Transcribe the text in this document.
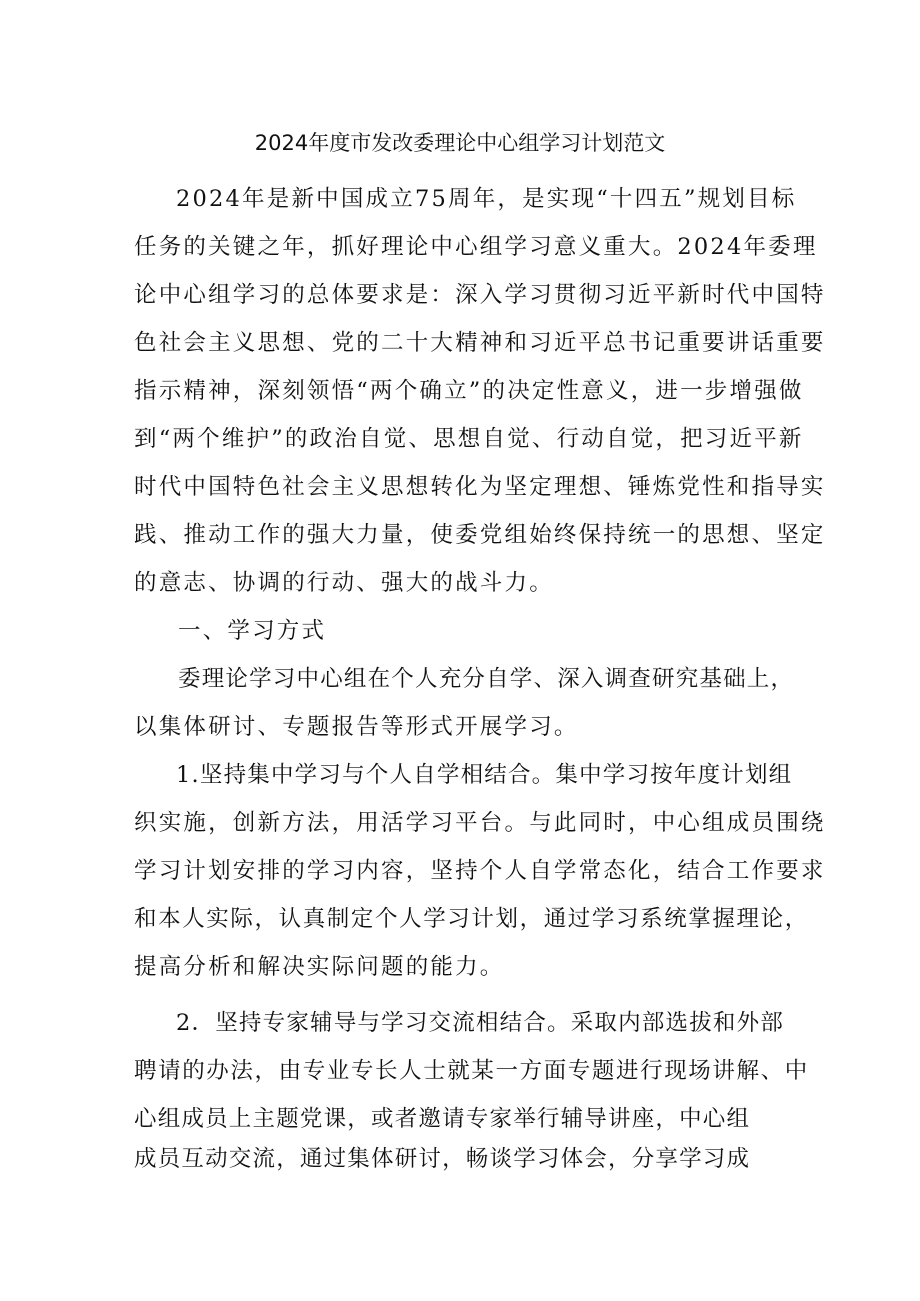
2024年度市发改委理论中心组学习计划范文
2024年是新中国成立75周年，是实现“十四五”规划目标
任务的关键之年，抓好理论中心组学习意义重大。2024年委理
论中心组学习的总体要求是：深入学习贯彻习近平新时代中国特
色社会主义思想、党的二十大精神和习近平总书记重要讲话重要
指示精神，深刻领悟“两个确立”的决定性意义，进一步增强做
到“两个维护”的政治自觉、思想自觉、行动自觉，把习近平新
时代中国特色社会主义思想转化为坚定理想、锤炼党性和指导实
践、推动工作的强大力量，使委党组始终保持统一的思想、坚定
的意志、协调的行动、强大的战斗力。
一、学习方式
委理论学习中心组在个人充分自学、深入调查研究基础上，
以集体研讨、专题报告等形式开展学习。
1.坚持集中学习与个人自学相结合。集中学习按年度计划组
织实施，创新方法，用活学习平台。与此同时，中心组成员围绕
学习计划安排的学习内容，坚持个人自学常态化，结合工作要求
和本人实际，认真制定个人学习计划，通过学习系统掌握理论，
提高分析和解决实际问题的能力。
2．坚持专家辅导与学习交流相结合。采取内部选拔和外部
聘请的办法，由专业专长人士就某一方面专题进行现场讲解、中
心组成员上主题党课，或者邀请专家举行辅导讲座，中心组
成员互动交流，通过集体研讨，畅谈学习体会，分享学习成
